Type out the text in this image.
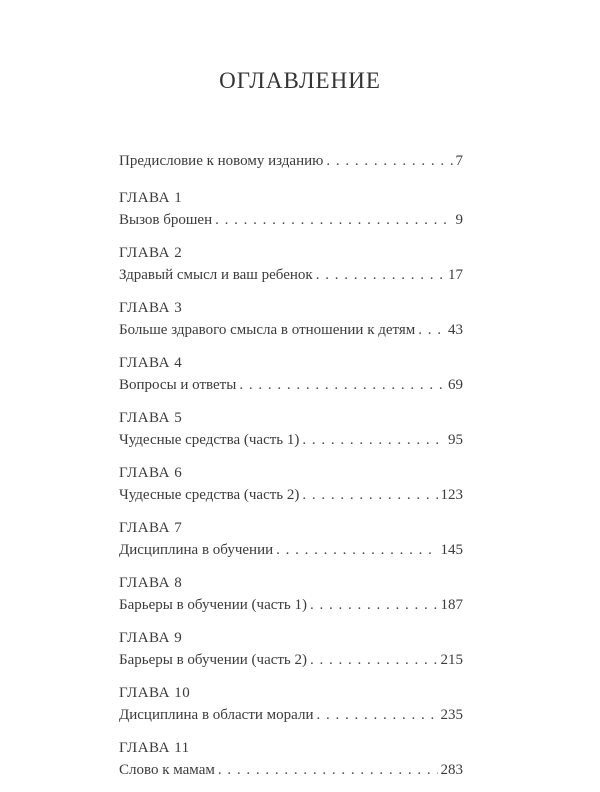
ОГЛАВЛЕНИЕ
Предисловие к новому изданию . . .	7
ГЛАВА 1
Вызов брошен . . .	9
ГЛАВА 2
Здравый смысл и ваш ребенок . . .	17
ГЛАВА 3
Больше здравого смысла в отношении к детям . . . 43
ГЛАВА 4
Вопросы и ответы . . .	69
ГЛАВА 5
Чудесные средства (часть 1) . . .	95
ГЛАВА 6
Чудесные средства (часть 2) . . .	123
ГЛАВА 7
Дисциплина в обучении . . .	145
ГЛАВА 8
Барьеры в обучении (часть 1) . . .	187
ГЛАВА 9
Барьеры в обучении (часть 2) . . .	215
ГЛАВА 10
Дисциплина в области морали . . .	235
ГЛАВА 11
Слово к мамам . . .	283
